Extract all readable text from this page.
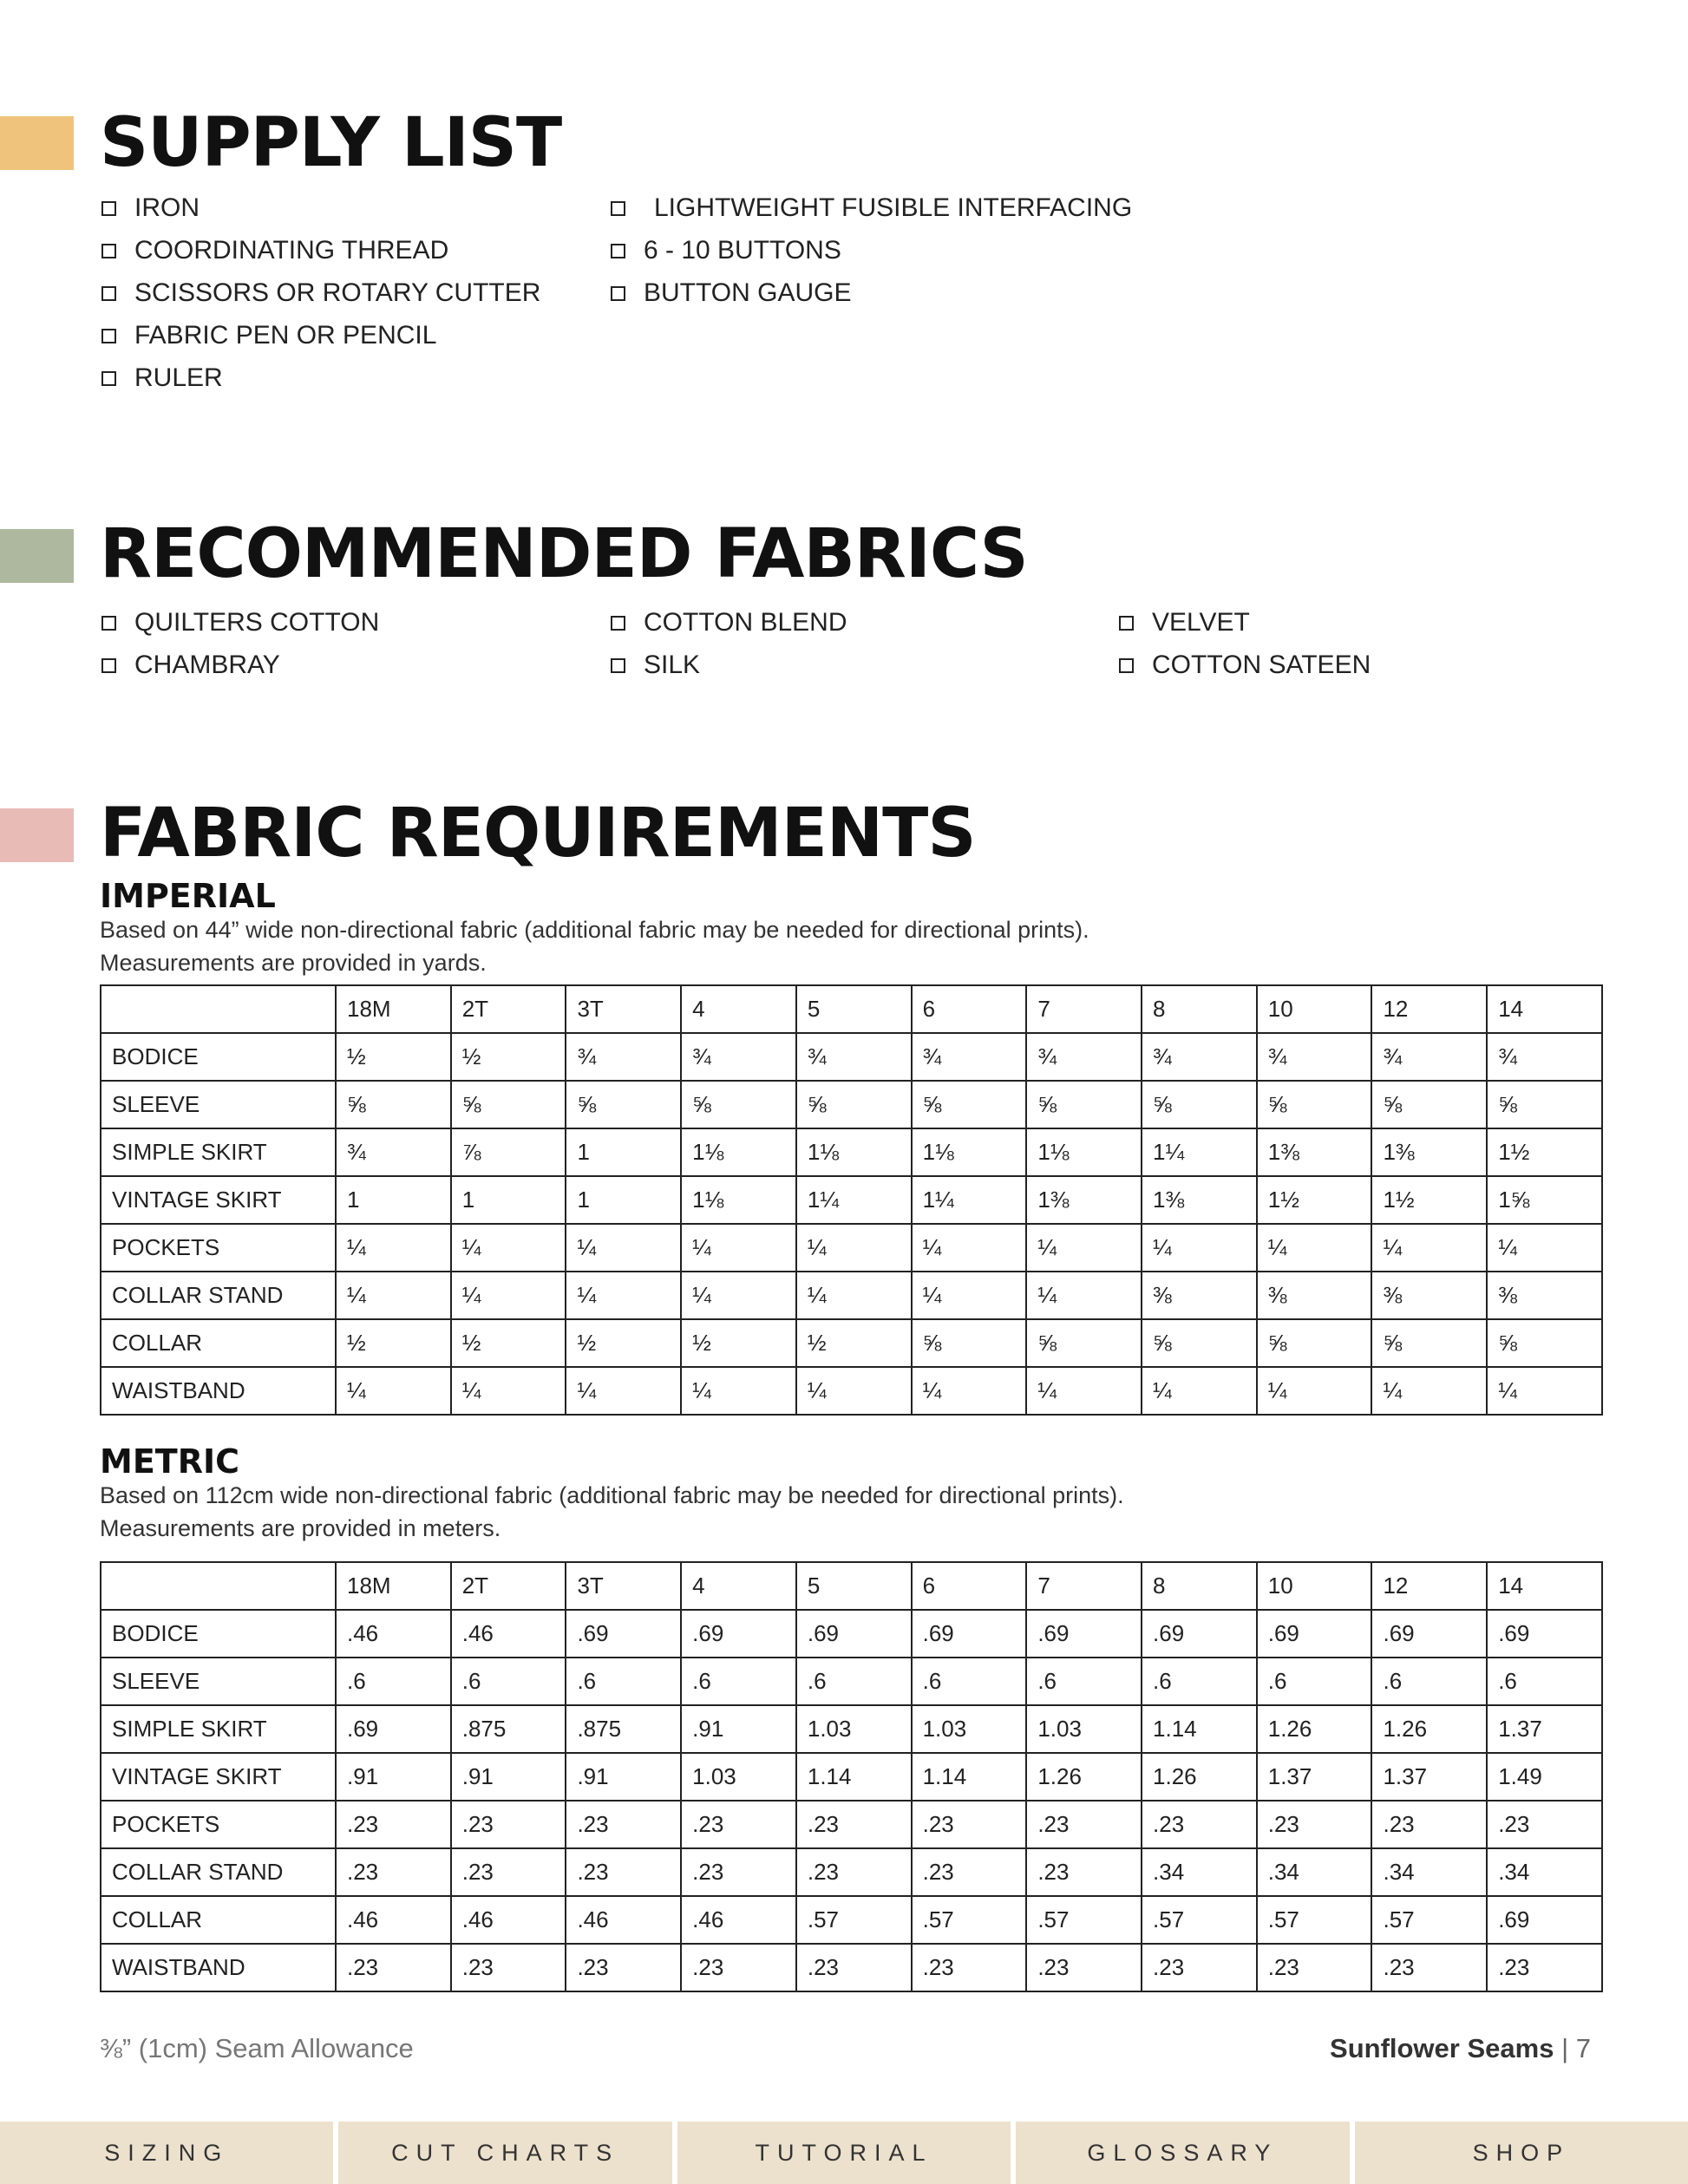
SUPPLY LIST
IRON
COORDINATING THREAD
SCISSORS OR ROTARY CUTTER
FABRIC PEN OR PENCIL
RULER
LIGHTWEIGHT FUSIBLE INTERFACING
6 - 10 BUTTONS
BUTTON GAUGE
RECOMMENDED FABRICS
QUILTERS COTTON
CHAMBRAY
COTTON BLEND
SILK
VELVET
COTTON SATEEN
FABRIC REQUIREMENTS
IMPERIAL
Based on 44” wide non-directional fabric (additional fabric may be needed for directional prints).
Measurements are provided in yards.
	18M	2T	3T	4	5	6	7	8	10	12	14
BODICE	½	½	¾	¾	¾	¾	¾	¾	¾	¾	¾
SLEEVE	⅝	⅝	⅝	⅝	⅝	⅝	⅝	⅝	⅝	⅝	⅝
SIMPLE SKIRT	¾	⅞	1	1⅛	1⅛	1⅛	1⅛	1¼	1⅜	1⅜	1½
VINTAGE SKIRT	1	1	1	1⅛	1¼	1¼	1⅜	1⅜	1½	1½	1⅝
POCKETS	¼	¼	¼	¼	¼	¼	¼	¼	¼	¼	¼
COLLAR STAND	¼	¼	¼	¼	¼	¼	¼	⅜	⅜	⅜	⅜
COLLAR	½	½	½	½	½	⅝	⅝	⅝	⅝	⅝	⅝
WAISTBAND	¼	¼	¼	¼	¼	¼	¼	¼	¼	¼	¼
METRIC
Based on 112cm wide non-directional fabric (additional fabric may be needed for directional prints).
Measurements are provided in meters.
	18M	2T	3T	4	5	6	7	8	10	12	14
BODICE	.46	.46	.69	.69	.69	.69	.69	.69	.69	.69	.69
SLEEVE	.6	.6	.6	.6	.6	.6	.6	.6	.6	.6	.6
SIMPLE SKIRT	.69	.875	.875	.91	1.03	1.03	1.03	1.14	1.26	1.26	1.37
VINTAGE SKIRT	.91	.91	.91	1.03	1.14	1.14	1.26	1.26	1.37	1.37	1.49
POCKETS	.23	.23	.23	.23	.23	.23	.23	.23	.23	.23	.23
COLLAR STAND	.23	.23	.23	.23	.23	.23	.23	.34	.34	.34	.34
COLLAR	.46	.46	.46	.46	.57	.57	.57	.57	.57	.57	.69
WAISTBAND	.23	.23	.23	.23	.23	.23	.23	.23	.23	.23	.23
⅜” (1cm) Seam Allowance	Sunflower Seams | 7
SIZING	CUT CHARTS	TUTORIAL	GLOSSARY	SHOP
